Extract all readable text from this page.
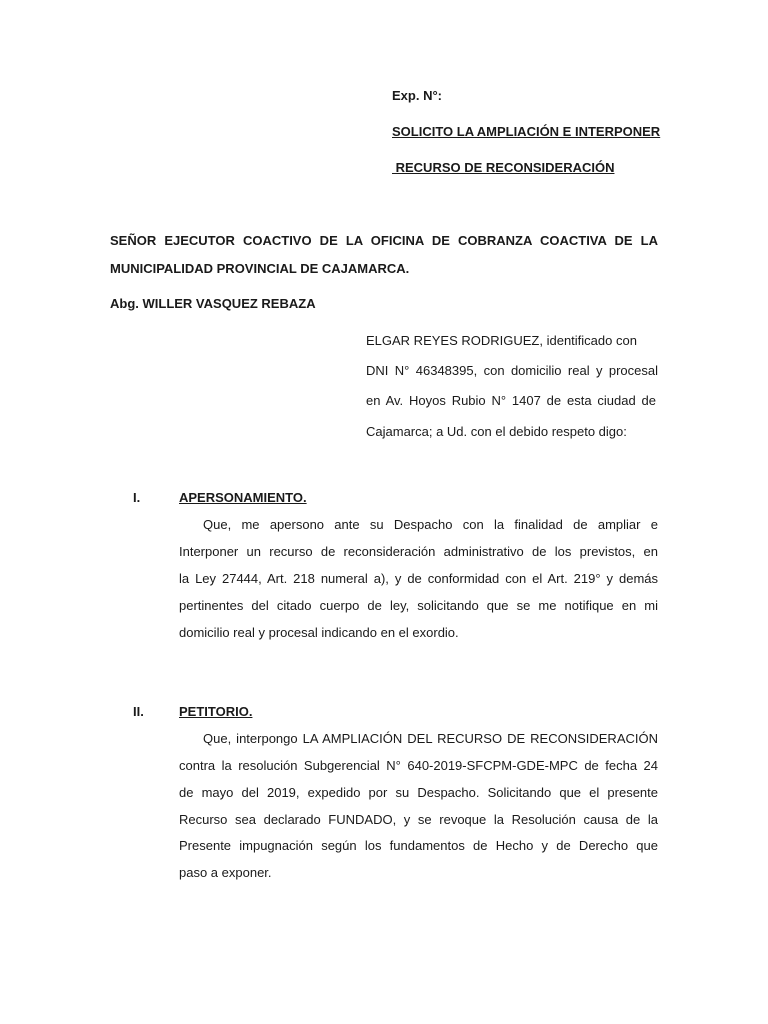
Exp. N°:
SOLICITO LA AMPLIACIÓN E INTERPONER
RECURSO DE RECONSIDERACIÓN
SEÑOR EJECUTOR COACTIVO DE LA OFICINA DE COBRANZA COACTIVA DE LA
MUNICIPALIDAD PROVINCIAL DE CAJAMARCA.
Abg. WILLER VASQUEZ REBAZA
ELGAR REYES RODRIGUEZ, identificado con
DNI N° 46348395, con domicilio real y procesal
en Av. Hoyos Rubio N° 1407 de esta ciudad de
Cajamarca; a Ud. con el debido respeto digo:
I.	APERSONAMIENTO.
Que, me apersono ante su Despacho con la finalidad de ampliar e
Interponer un recurso de reconsideración administrativo de los previstos, en
la Ley 27444, Art. 218 numeral a), y de conformidad con el Art. 219° y demás
pertinentes del citado cuerpo de ley, solicitando que se me notifique en mi
domicilio real y procesal indicando en el exordio.
II.	PETITORIO.
Que, interpongo LA AMPLIACIÓN DEL RECURSO DE RECONSIDERACIÓN
contra la resolución Subgerencial N° 640-2019-SFCPM-GDE-MPC de fecha 24
de mayo del 2019, expedido por su Despacho. Solicitando que el presente
Recurso sea declarado FUNDADO, y se revoque la Resolución causa de la
Presente impugnación según los fundamentos de Hecho y de Derecho que
paso a exponer.
